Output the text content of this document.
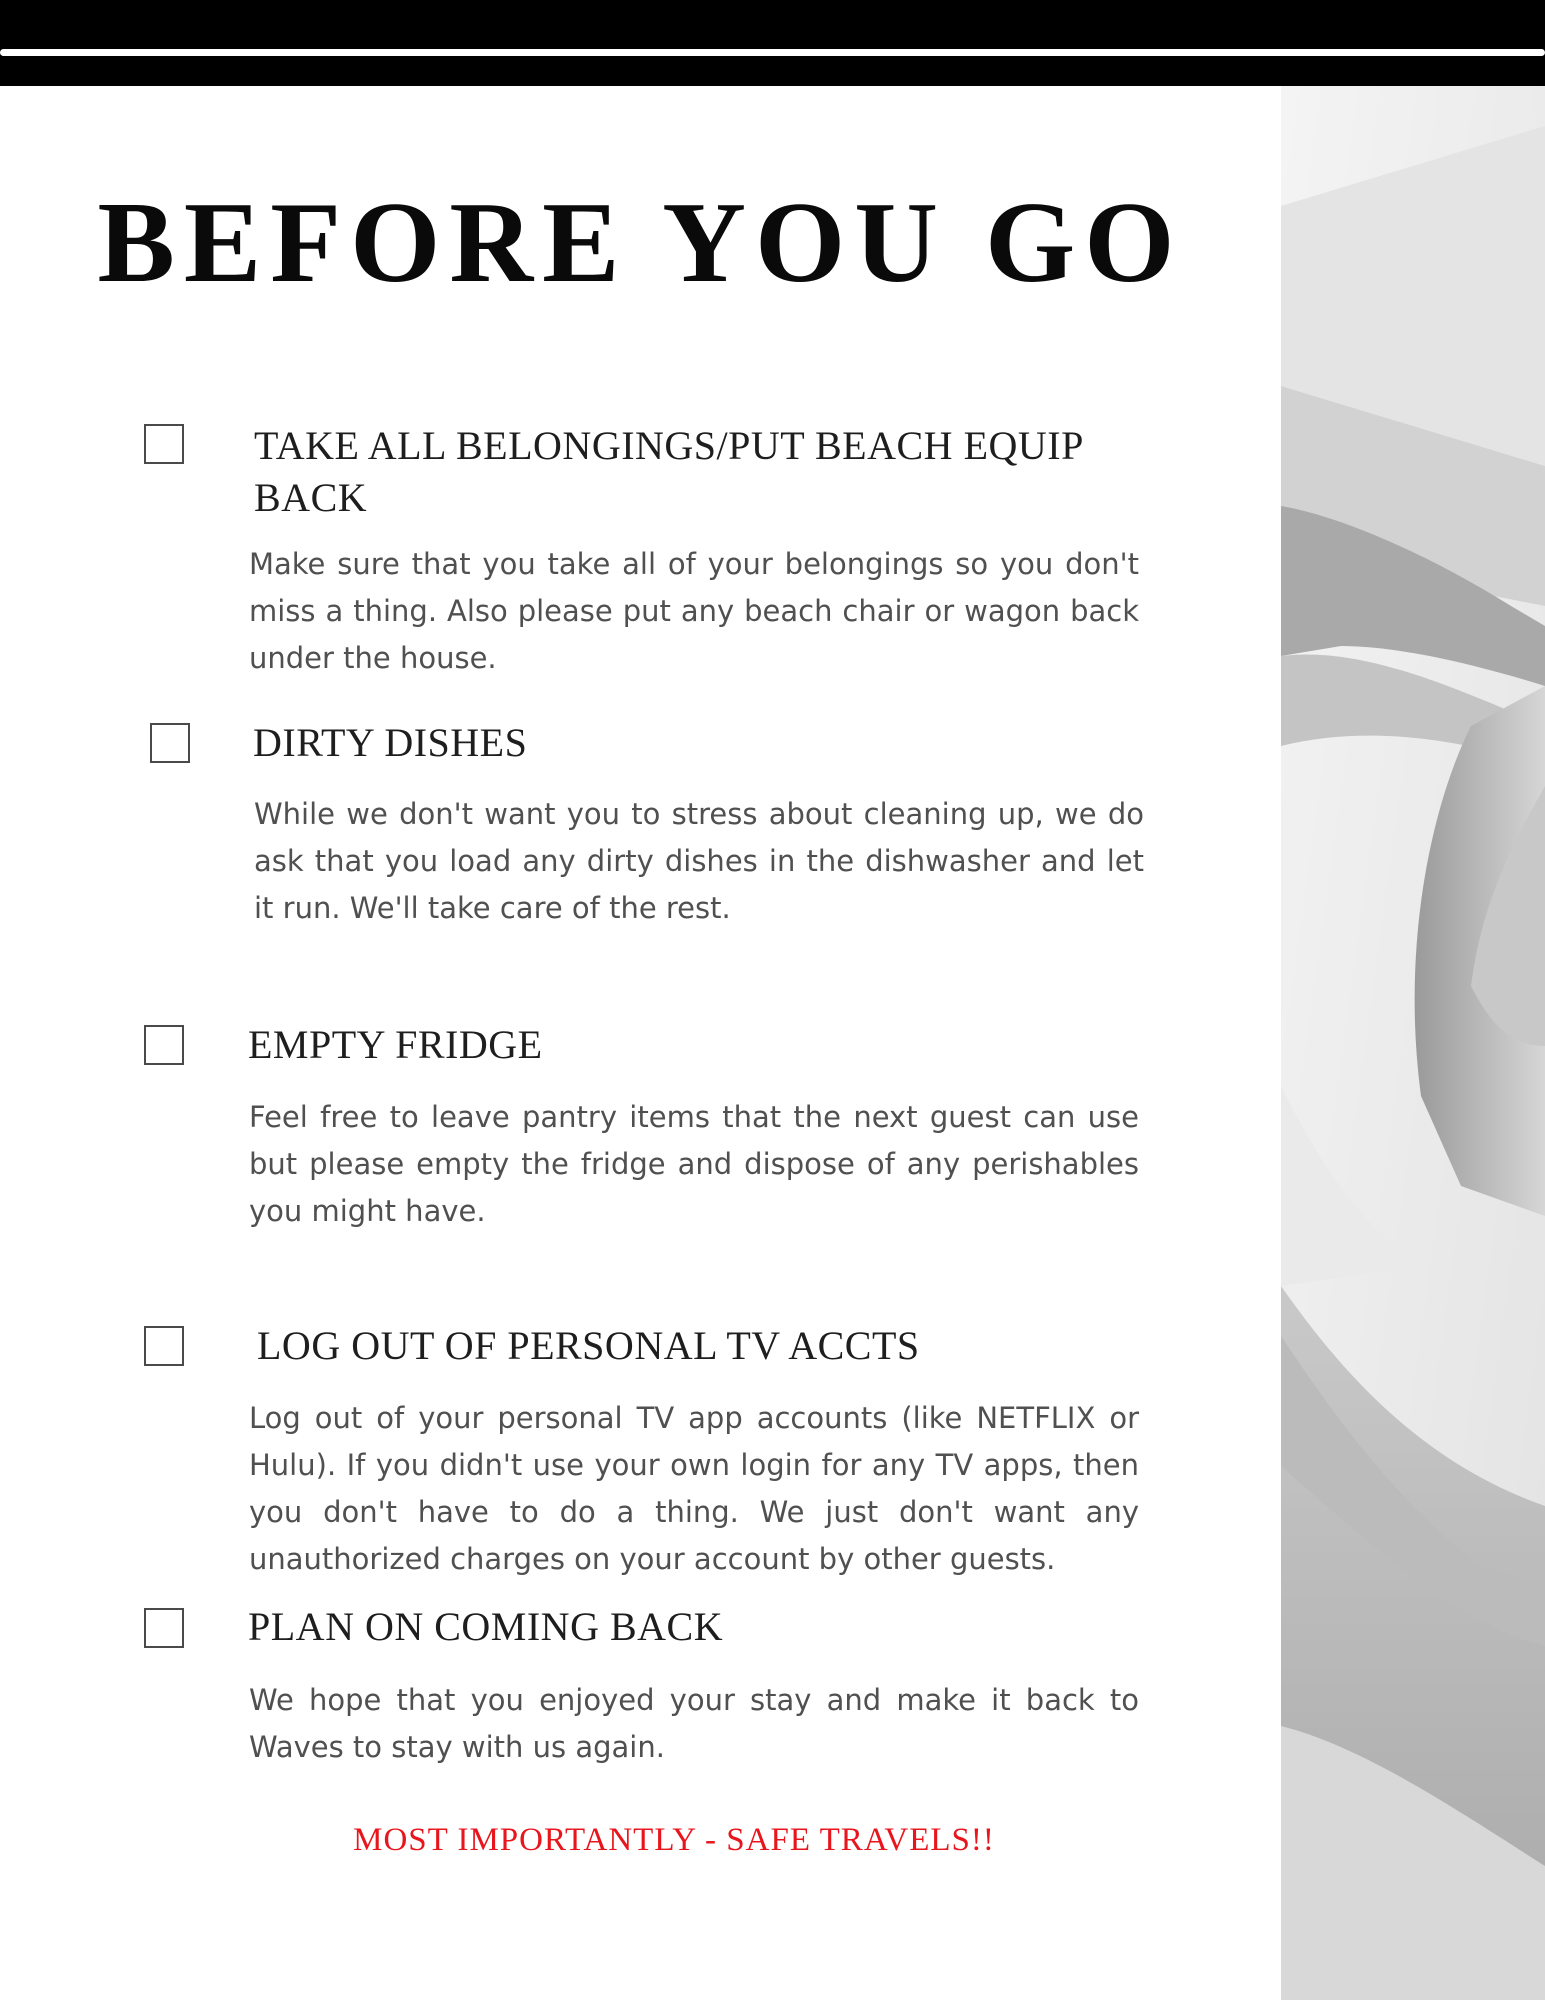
BEFORE YOU GO
TAKE ALL BELONGINGS/PUT BEACH EQUIP BACK
Make sure that you take all of your belongings so you don't miss a thing. Also please put any beach chair or wagon back under the house.
DIRTY DISHES
While we don't want you to stress about cleaning up, we do ask that you load any dirty dishes in the dishwasher and let it run. We'll take care of the rest.
EMPTY FRIDGE
Feel free to leave pantry items that the next guest can use but please empty the fridge and dispose of any perishables you might have.
LOG OUT OF PERSONAL TV ACCTS
Log out of your personal TV app accounts (like NETFLIX or Hulu). If you didn't use your own login for any TV apps, then you don't have to do a thing. We just don't want any unauthorized charges on your account by other guests.
PLAN ON COMING BACK
We hope that you enjoyed your stay and make it back to Waves to stay with us again.
MOST IMPORTANTLY - SAFE TRAVELS!!
